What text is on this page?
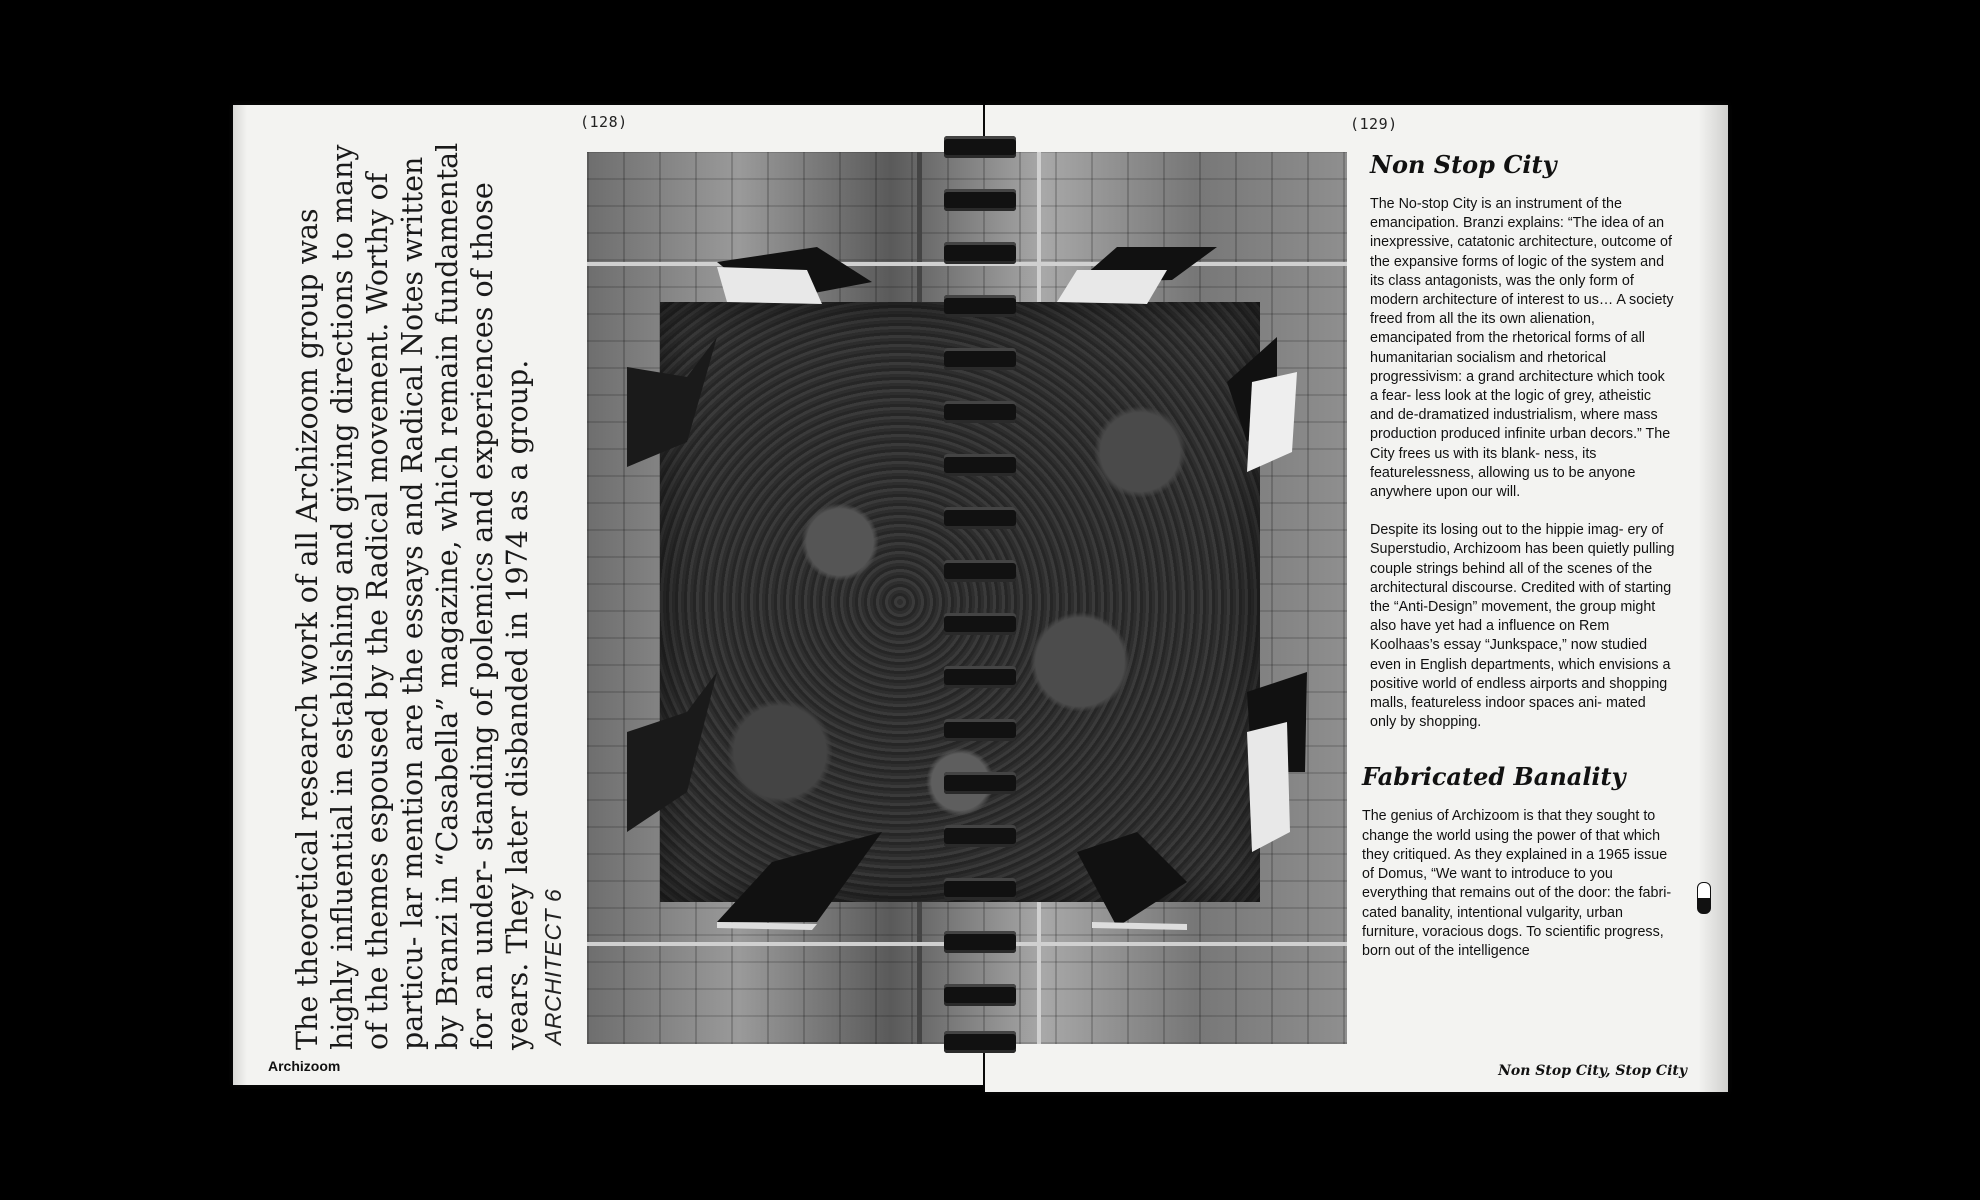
(128)	(129)
The theoretical research work of all Archizoom group was highly influential in establishing and giving directions to many of the themes espoused by the Radical movement. Worthy of particu- lar mention are the essays and Radical Notes written by Branzi in “Casabella” magazine, which remain fundamental for an under- standing of polemics and experiences of those years. They later disbanded in 1974 as a group. ARCHITECT 6
Archizoom	Non Stop City, Stop City
Non Stop City

The No-stop City is an instrument of the emancipation. Branzi explains: “The idea of an inexpressive, catatonic architecture, outcome of the expansive forms of logic of the system and its class antagonists, was the only form of modern architecture of interest to us… A society freed from all the its own alienation, emancipated from the rhetorical forms of all humanitarian socialism and rhetorical progressivism: a grand architecture which took a fear- less look at the logic of grey, atheistic and de-dramatized industrialism, where mass production produced infinite urban decors.” The City frees us with its blank- ness, its featurelessness, allowing us to be anyone anywhere upon our will.

Despite its losing out to the hippie imag- ery of Superstudio, Archizoom has been quietly pulling couple strings behind all of the scenes of the architectural discourse. Credited with of starting the “Anti-Design” movement, the group might also have yet had a influence on Rem Koolhaas’s essay “Junkspace,” now studied even in English departments, which envisions a positive world of endless airports and shopping malls, featureless indoor spaces ani- mated only by shopping.

Fabricated Banality

The genius of Archizoom is that they sought to change the world using the power of that which they critiqued. As they explained in a 1965 issue of Domus, “We want to introduce to you everything that remains out of the door: the fabri- cated banality, intentional vulgarity, urban furniture, voracious dogs. To scientific progress, born out of the intelligence
